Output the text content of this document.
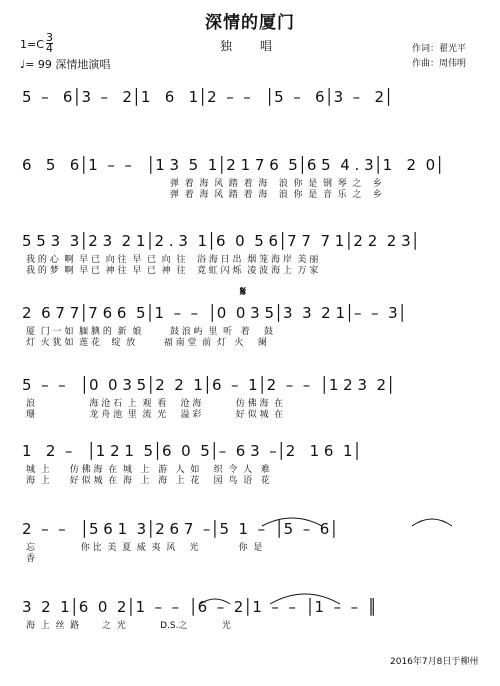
深情的厦门
独　唱
1=C
3
4
♩= 99 深情地演唱
作词：翟光平
作曲：周伟明
5  –   6│3  –   2│1   6   1│2  –  –   │5  –   6│3  –   2│
6   5   6│1  –  –   │1 3  5  1│2 1 7 6  5│6 5  4 . 3│1   2  0│
弹  着  海  风  踏  着  海    浪  你  是  钢  琴  之    乡
弹  着  海  风  踏  着  海    浪  你  是  音  乐  之    乡
5 5 3  3│2 3  2 1│2 . 3  1│6  0  5 6│7 7  7 1│2 2  2 3│
我 的 心  啊  早 已  向 往  早  已  向  往    浴 海 日 出  烟 笼 海 岸  美 丽
我 的 梦  啊  早 已  神 往  早  已  神  往    竟 虹 闪 烁  凌 波 海 上  万 家
𝄋
2  6 7 7│7 6 6  5│1  –  –  │0  0 3 5│3  3  2 1│–  –  3│
厦  门 一 如  腼 腆 的  新  娘          鼓 浪 屿  里  听   着     鼓
灯  火 犹 如  莲 花    绽  放          福 南 堂  前  灯   火     阑
5  –  –   │0  0 3 5│2  2  1│6  –  1│2  –  –  │1 2 3  2│
浪                   海 沧 石  上  观  看     沧 海            仿 佛 海  在
珊                   龙 舟 池  里  流  光     溢 彩            好 似 城  在
1   2  –   │1 2 1  5│6  0  5│–  6 3  –│2   1 6  1│
城  上       仿 佛 海  在  城   上   游   人  如     织  令  人   难
海  上       好 似 城  在  海   上   海   上  花     园  鸟  语   花
2  –  –   │5 6 1  3│2 6 7  –│5  1  –  │5  –  6│
忘                你 比  美  夏  威  夷  风     光              你  是
香
3  2  1│6  0  2│1  –  –  │6  –  2│1  –  –  │1  –  –  ║
海  上  丝  路        之  光            D.S.之            光
2016年7月8日于柳州
